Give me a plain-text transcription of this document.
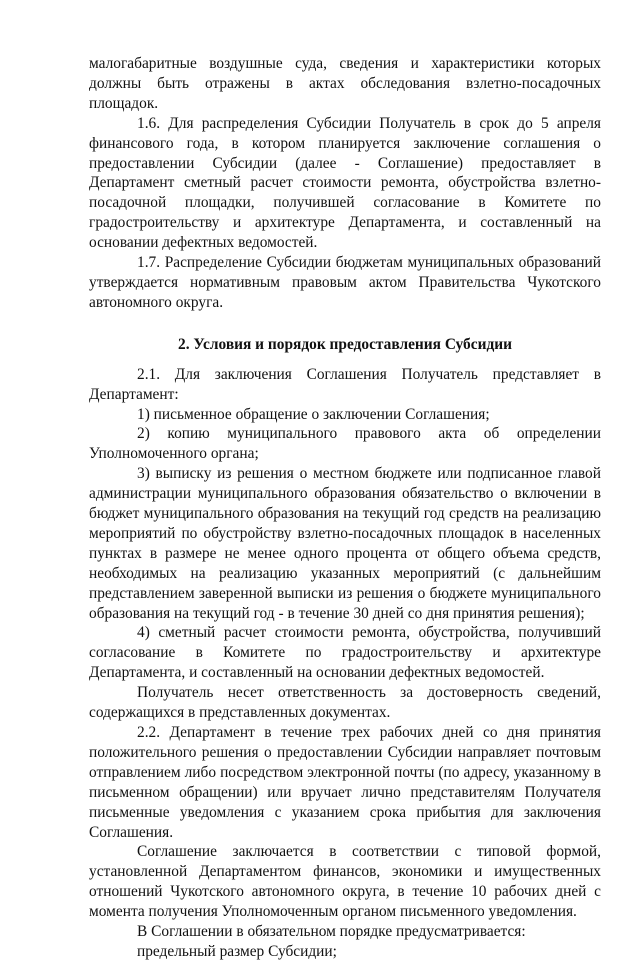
малогабаритные воздушные суда, сведения и характеристики которых должны быть отражены в актах обследования взлетно-посадочных площадок.

1.6. Для распределения Субсидии Получатель в срок до 5 апреля финансового года, в котором планируется заключение соглашения о предоставлении Субсидии (далее - Соглашение) предоставляет в Департамент сметный расчет стоимости ремонта, обустройства взлетно-посадочной площадки, получившей согласование в Комитете по градостроительству и архитектуре Департамента, и составленный на основании дефектных ведомостей.

1.7. Распределение Субсидии бюджетам муниципальных образований утверждается нормативным правовым актом Правительства Чукотского автономного округа.

2. Условия и порядок предоставления Субсидии

2.1. Для заключения Соглашения Получатель представляет в Департамент:

1) письменное обращение о заключении Соглашения;

2) копию муниципального правового акта об определении Уполномоченного органа;

3) выписку из решения о местном бюджете или подписанное главой администрации муниципального образования обязательство о включении в бюджет муниципального образования на текущий год средств на реализацию мероприятий по обустройству взлетно-посадочных площадок в населенных пунктах в размере не менее одного процента от общего объема средств, необходимых на реализацию указанных мероприятий (с дальнейшим представлением заверенной выписки из решения о бюджете муниципального образования на текущий год - в течение 30 дней со дня принятия решения);

4) сметный расчет стоимости ремонта, обустройства, получивший согласование в Комитете по градостроительству и архитектуре Департамента, и составленный на основании дефектных ведомостей.

Получатель несет ответственность за достоверность сведений, содержащихся в представленных документах.

2.2. Департамент в течение трех рабочих дней со дня принятия положительного решения о предоставлении Субсидии направляет почтовым отправлением либо посредством электронной почты (по адресу, указанному в письменном обращении) или вручает лично представителям Получателя письменные уведомления с указанием срока прибытия для заключения Соглашения.

Соглашение заключается в соответствии с типовой формой, установленной Департаментом финансов, экономики и имущественных отношений Чукотского автономного округа, в течение 10 рабочих дней с момента получения Уполномоченным органом письменного уведомления.

В Соглашении в обязательном порядке предусматривается:

предельный размер Субсидии;
